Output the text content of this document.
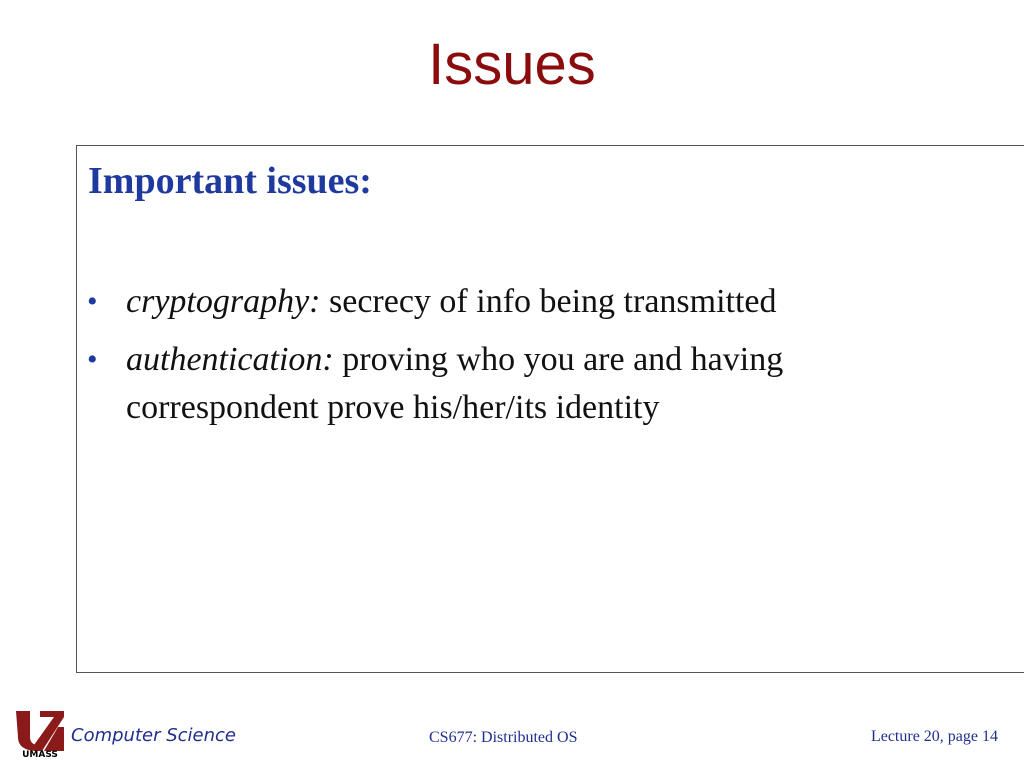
Issues
Important issues:
• cryptography: secrecy of info being transmitted
• authentication: proving who you are and having correspondent prove his/her/its identity
UMASS
Computer Science	CS677: Distributed OS	Lecture 20, page 14
